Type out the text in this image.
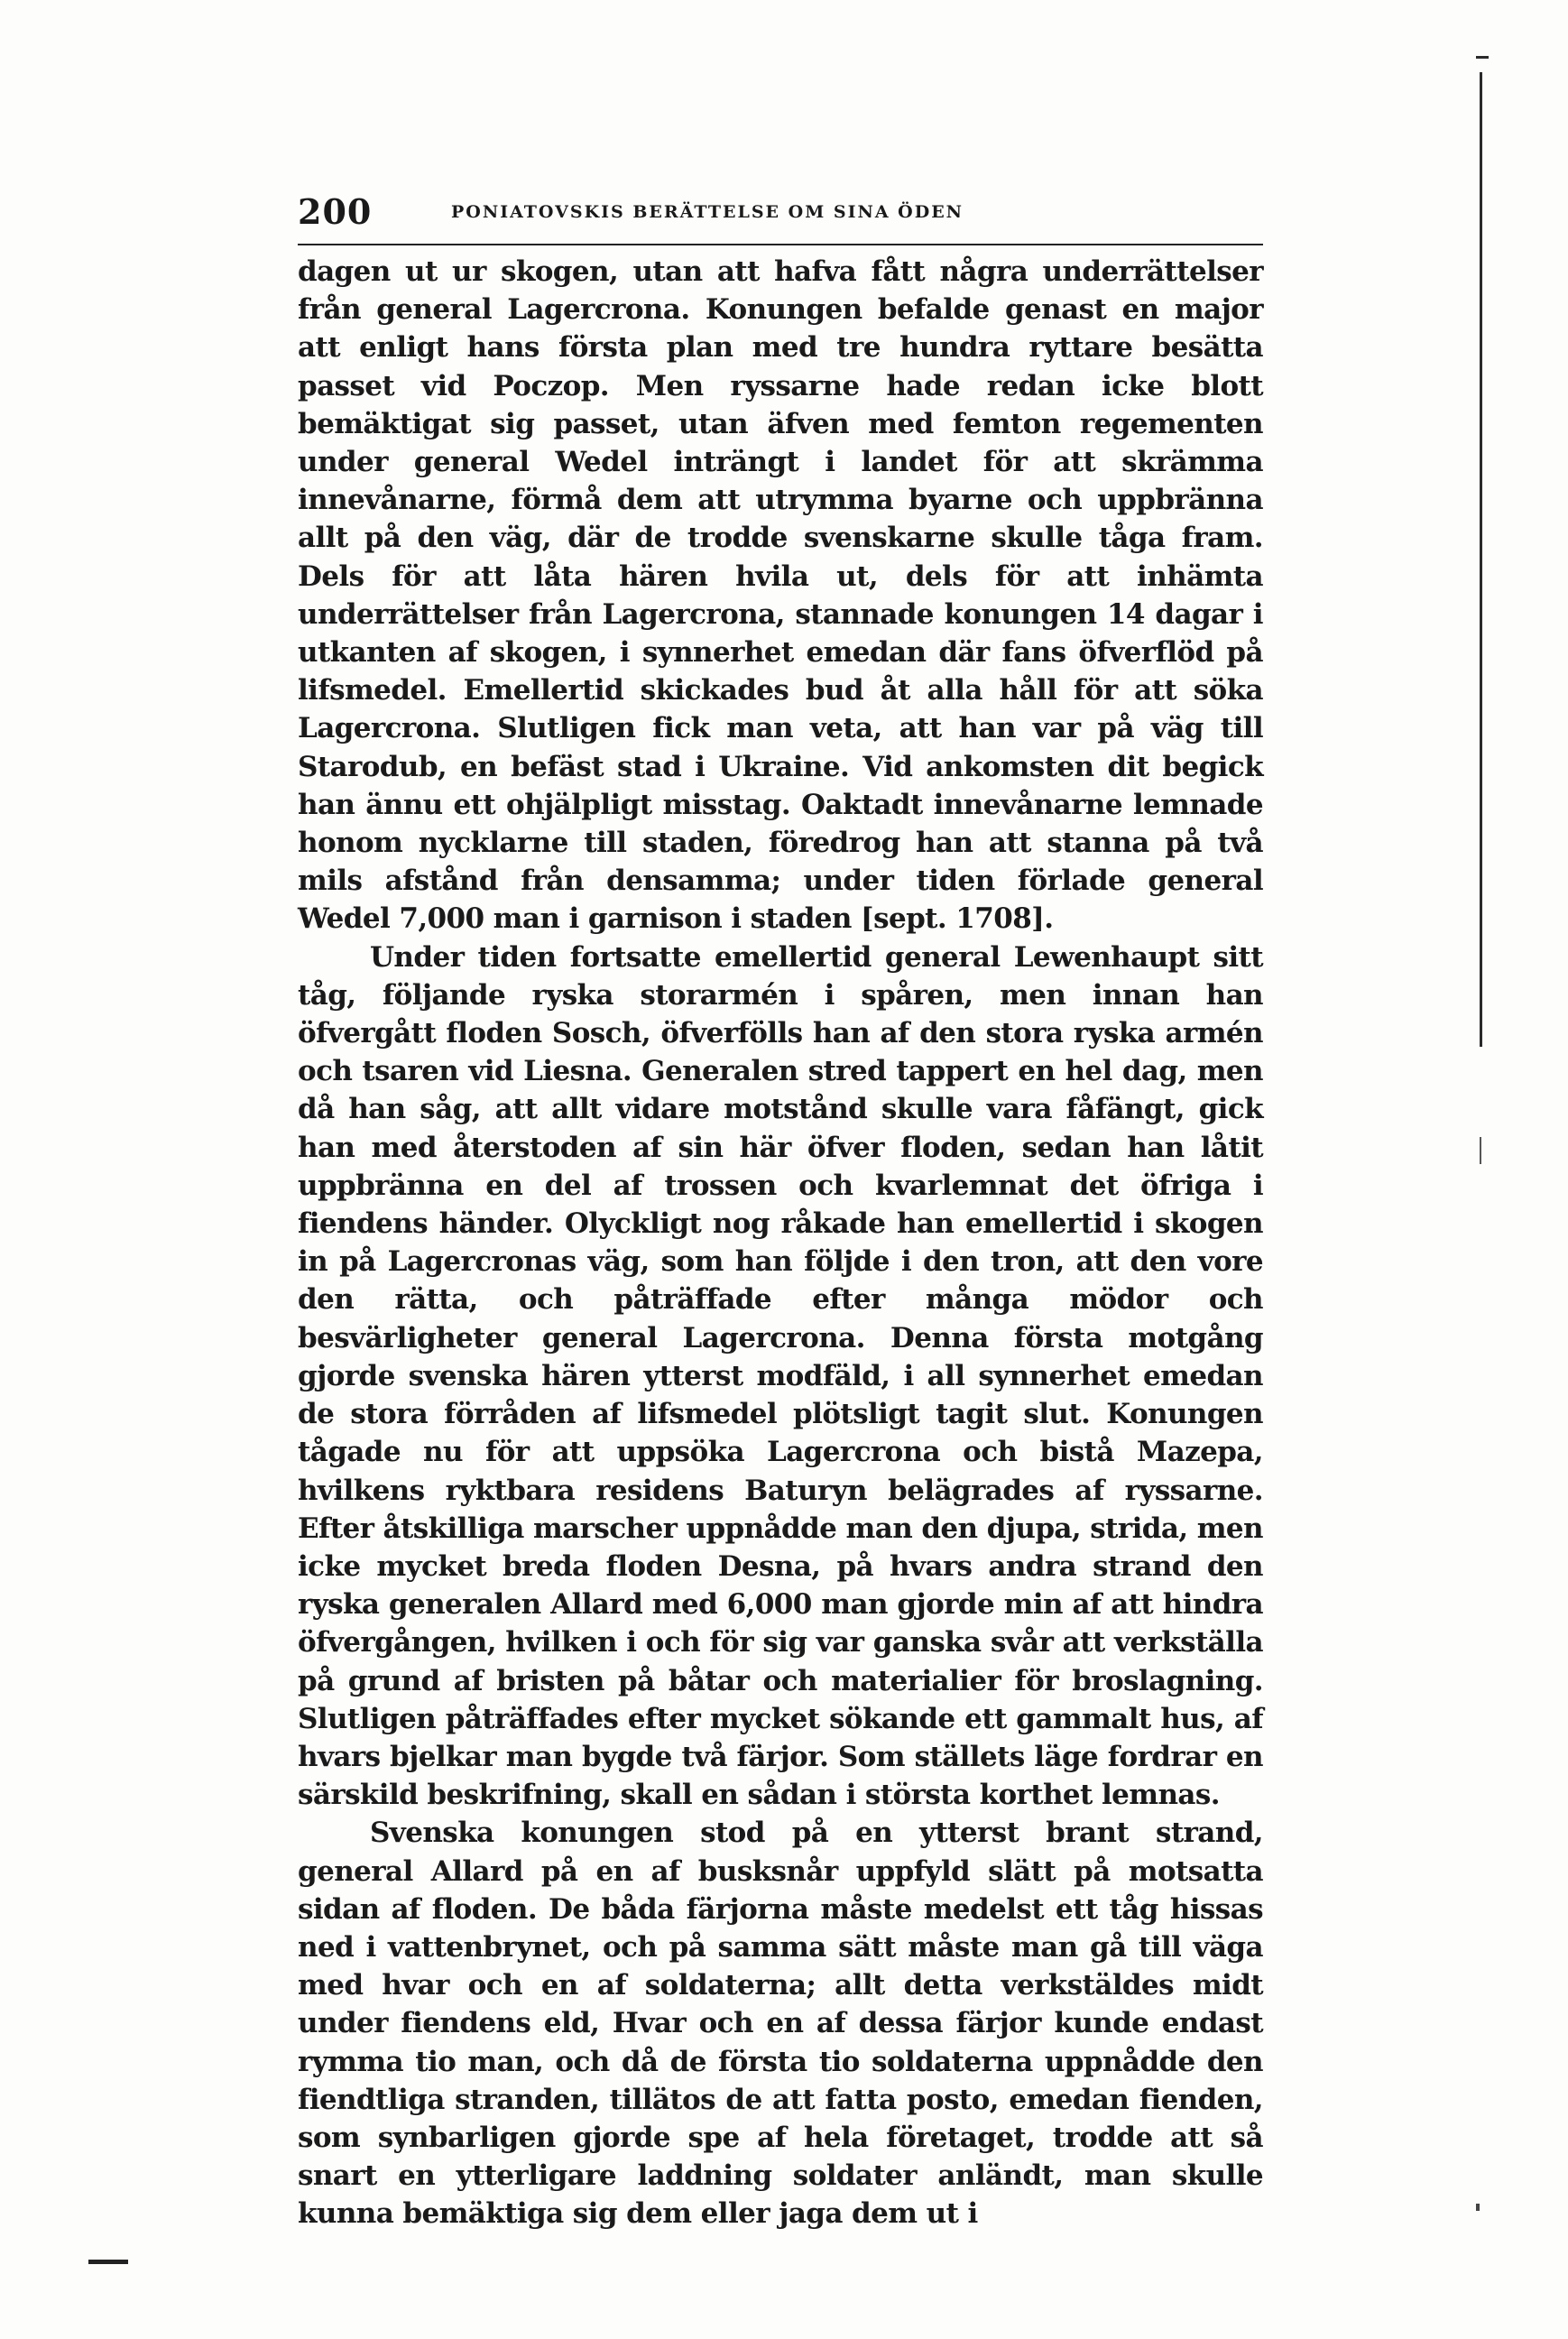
200	PONIATOVSKIS BERÄTTELSE OM SINA ÖDEN

dagen ut ur skogen, utan att hafva fått några underrättelser från general Lagercrona. Konungen befalde genast en major att enligt hans första plan med tre hundra ryttare besätta passet vid Poczop. Men ryssarne hade redan icke blott bemäktigat sig passet, utan äfven med femton regementen under general Wedel inträngt i landet för att skrämma innevånarne, förmå dem att utrymma byarne och uppbränna allt på den väg, där de trodde svenskarne skulle tåga fram. Dels för att låta hären hvila ut, dels för att inhämta underrättelser från Lagercrona, stannade konungen 14 dagar i utkanten af skogen, i synnerhet emedan där fans öfverflöd på lifsmedel. Emellertid skickades bud åt alla håll för att söka Lagercrona. Slutligen fick man veta, att han var på väg till Starodub, en befäst stad i Ukraine. Vid ankomsten dit begick han ännu ett ohjälpligt misstag. Oaktadt innevånarne lemnade honom nycklarne till staden, föredrog han att stanna på två mils afstånd från densamma; under tiden förlade general Wedel 7,000 man i garnison i staden [sept. 1708].

Under tiden fortsatte emellertid general Lewenhaupt sitt tåg, följande ryska storarmén i spåren, men innan han öfvergått floden Sosch, öfverfölls han af den stora ryska armén och tsaren vid Liesna. Generalen stred tappert en hel dag, men då han såg, att allt vidare motstånd skulle vara fåfängt, gick han med återstoden af sin här öfver floden, sedan han låtit uppbränna en del af trossen och kvarlemnat det öfriga i fiendens händer. Olyckligt nog råkade han emellertid i skogen in på Lagercronas väg, som han följde i den tron, att den vore den rätta, och påträffade efter många mödor och besvärligheter general Lagercrona. Denna första motgång gjorde svenska hären ytterst modfäld, i all synnerhet emedan de stora förråden af lifsmedel plötsligt tagit slut. Konungen tågade nu för att uppsöka Lagercrona och bistå Mazepa, hvilkens ryktbara residens Baturyn belägrades af ryssarne. Efter åtskilliga marscher uppnådde man den djupa, strida, men icke mycket breda floden Desna, på hvars andra strand den ryska generalen Allard med 6,000 man gjorde min af att hindra öfvergången, hvilken i och för sig var ganska svår att verkställa på grund af bristen på båtar och materialier för broslagning. Slutligen påträffades efter mycket sökande ett gammalt hus, af hvars bjelkar man bygde två färjor. Som ställets läge fordrar en särskild beskrifning, skall en sådan i största korthet lemnas.

Svenska konungen stod på en ytterst brant strand, general Allard på en af busksnår uppfyld slätt på motsatta sidan af floden. De båda färjorna måste medelst ett tåg hissas ned i vattenbrynet, och på samma sätt måste man gå till väga med hvar och en af soldaterna; allt detta verkstäldes midt under fiendens eld, Hvar och en af dessa färjor kunde endast rymma tio man, och då de första tio soldaterna uppnådde den fiendtliga stranden, tillätos de att fatta posto, emedan fienden, som synbarligen gjorde spe af hela företaget, trodde att så snart en ytterligare laddning soldater anländt, man skulle kunna bemäktiga sig dem eller jaga dem ut i
